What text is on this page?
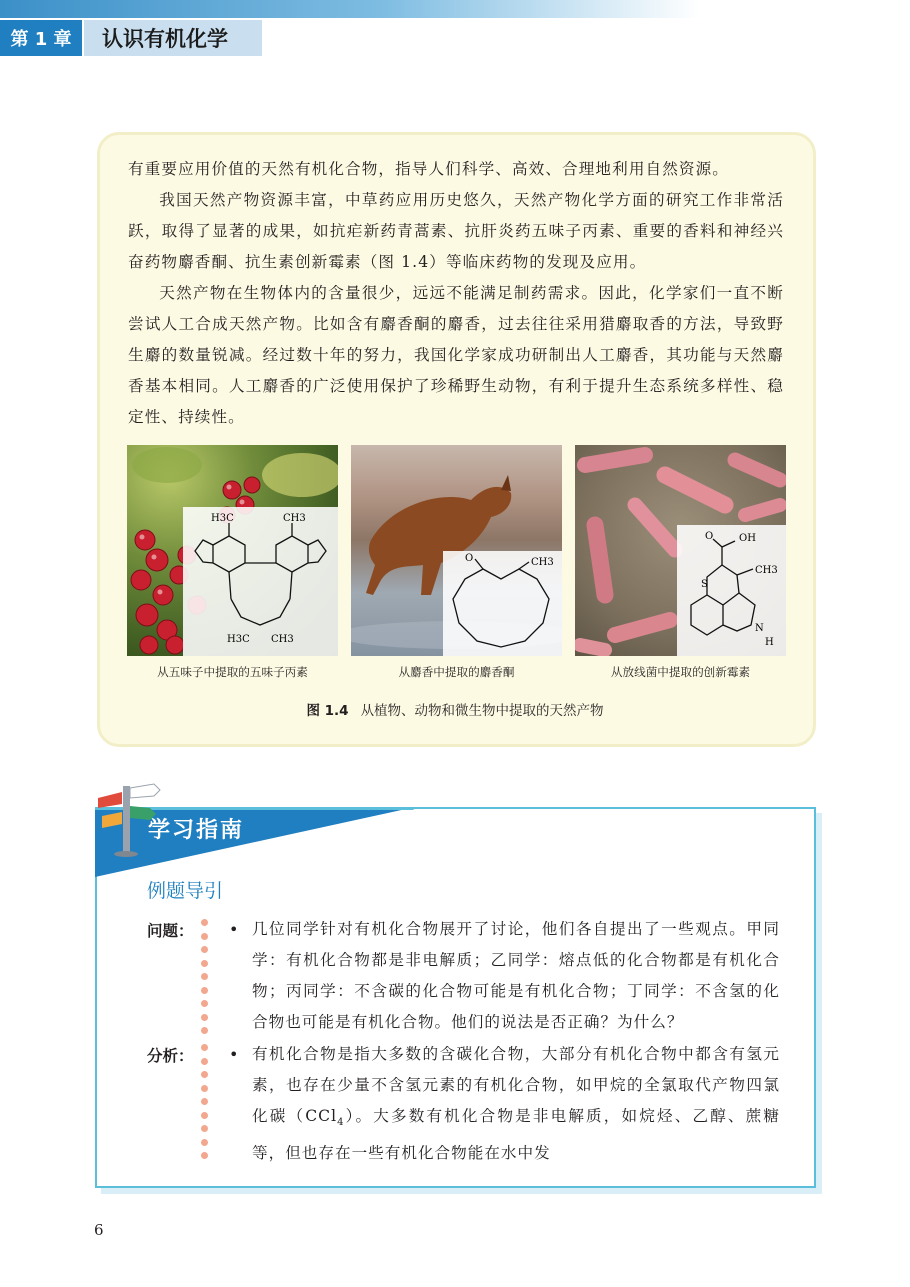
第 1 章	认识有机化学

有重要应用价值的天然有机化合物，指导人们科学、高效、合理地利用自然资源。

我国天然产物资源丰富，中草药应用历史悠久，天然产物化学方面的研究工作非常活跃，取得了显著的成果，如抗疟新药青蒿素、抗肝炎药五味子丙素、重要的香料和神经兴奋药物麝香酮、抗生素创新霉素（图 1.4）等临床药物的发现及应用。

天然产物在生物体内的含量很少，远远不能满足制药需求。因此，化学家们一直不断尝试人工合成天然产物。比如含有麝香酮的麝香，过去往往采用猎麝取香的方法，导致野生麝的数量锐减。经过数十年的努力，我国化学家成功研制出人工麝香，其功能与天然麝香基本相同。人工麝香的广泛使用保护了珍稀野生动物，有利于提升生态系统多样性、稳定性、持续性。

H3C	CH3
H3C CH3
从五味子中提取的五味子丙素
O	CH3
从麝香中提取的麝香酮
O	OH
S
CH3
N
H
从放线菌中提取的创新霉素
图 1.4 从植物、动物和微生物中提取的天然产物
学习指南
例题导引
问题： • 几位同学针对有机化合物展开了讨论，他们各自提出了一些观点。甲同学：有机化合物都是非电解质；乙同学：熔点低的化合物都是有机化合物；丙同学：不含碳的化合物可能是有机化合物；丁同学：不含氢的化合物也可能是有机化合物。他们的说法是否正确？为什么？

分析： • 有机化合物是指大多数的含碳化合物，大部分有机化合物中都含有氢元素，也存在少量不含氢元素的有机化合物，如甲烷的全氯取代产物四氯化碳（CCl$_4$）。大多数有机化合物是非电解质，如烷烃、乙醇、蔗糖等，但也存在一些有机化合物能在水中发

6
